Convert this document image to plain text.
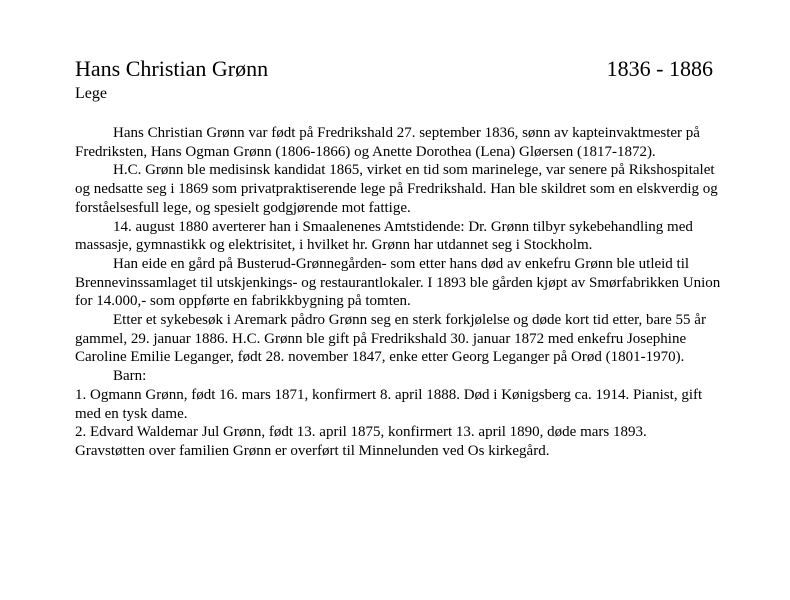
Hans Christian Grønn	1836 - 1886
Lege

Hans Christian Grønn var født på Fredrikshald 27. september 1836, sønn av kapteinvaktmester på Fredriksten, Hans Ogman Grønn (1806-1866) og Anette Dorothea (Lena) Gløersen (1817-1872).

H.C. Grønn ble medisinsk kandidat 1865, virket en tid som marinelege, var senere på Rikshospitalet og nedsatte seg i 1869 som privatpraktiserende lege på Fredrikshald. Han ble skildret som en elskverdig og forståelsesfull lege, og spesielt godgjørende mot fattige.

14. august 1880 averterer han i Smaalenenes Amtstidende: Dr. Grønn tilbyr sykebehandling med massasje, gymnastikk og elektrisitet, i hvilket hr. Grønn har utdannet seg i Stockholm.

Han eide en gård på Busterud-Grønnegården- som etter hans død av enkefru Grønn ble utleid til Brennevinssamlaget til utskjenkings- og restaurantlokaler. I 1893 ble gården kjøpt av Smørfabrikken Union for 14.000,- som oppførte en fabrikkbygning på tomten.

Etter et sykebesøk i Aremark pådro Grønn seg en sterk forkjølelse og døde kort tid etter, bare 55 år gammel, 29. januar 1886. H.C. Grønn ble gift på Fredrikshald 30. januar 1872 med enkefru Josephine Caroline Emilie Leganger, født 28. november 1847, enke etter Georg Leganger på Orød (1801-1970).

Barn:

1. Ogmann Grønn, født 16. mars 1871, konfirmert 8. april 1888. Død i Kønigsberg ca. 1914. Pianist, gift med en tysk dame.

2. Edvard Waldemar Jul Grønn, født 13. april 1875, konfirmert 13. april 1890, døde mars 1893.

Gravstøtten over familien Grønn er overført til Minnelunden ved Os kirkegård.
